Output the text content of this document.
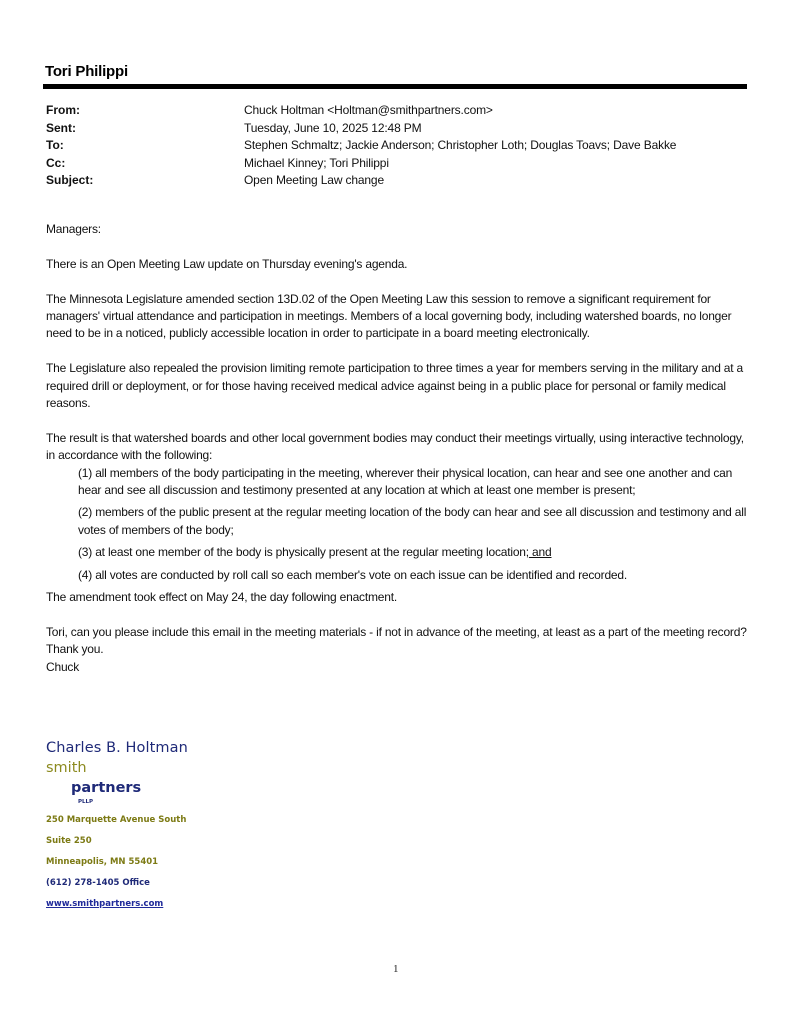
Tori Philippi
From:	Chuck Holtman <Holtman@smithpartners.com>
Sent:	Tuesday, June 10, 2025 12:48 PM
To:	Stephen Schmaltz; Jackie Anderson; Christopher Loth; Douglas Toavs; Dave Bakke
Cc:	Michael Kinney; Tori Philippi
Subject:	Open Meeting Law change

Managers:

There is an Open Meeting Law update on Thursday evening's agenda.

The Minnesota Legislature amended section 13D.02 of the Open Meeting Law this session to remove a significant requirement for managers' virtual attendance and participation in meetings. Members of a local governing body, including watershed boards, no longer need to be in a noticed, publicly accessible location in order to participate in a board meeting electronically.

The Legislature also repealed the provision limiting remote participation to three times a year for members serving in the military and at a required drill or deployment, or for those having received medical advice against being in a public place for personal or family medical reasons.

The result is that watershed boards and other local government bodies may conduct their meetings virtually, using interactive technology, in accordance with the following:

(1) all members of the body participating in the meeting, wherever their physical location, can hear and see one another and can hear and see all discussion and testimony presented at any location at which at least one member is present;
(2) members of the public present at the regular meeting location of the body can hear and see all discussion and testimony and all votes of members of the body;
(3) at least one member of the body is physically present at the regular meeting location; and
(4) all votes are conducted by roll call so each member's vote on each issue can be identified and recorded.

The amendment took effect on May 24, the day following enactment.

Tori, can you please include this email in the meeting materials - if not in advance of the meeting, at least as a part of the meeting record? Thank you.

Chuck

Charles B. Holtman
smith
partners
PLLP
250 Marquette Avenue South
Suite 250
Minneapolis, MN 55401
(612) 278-1405 Office
www.smithpartners.com
1
